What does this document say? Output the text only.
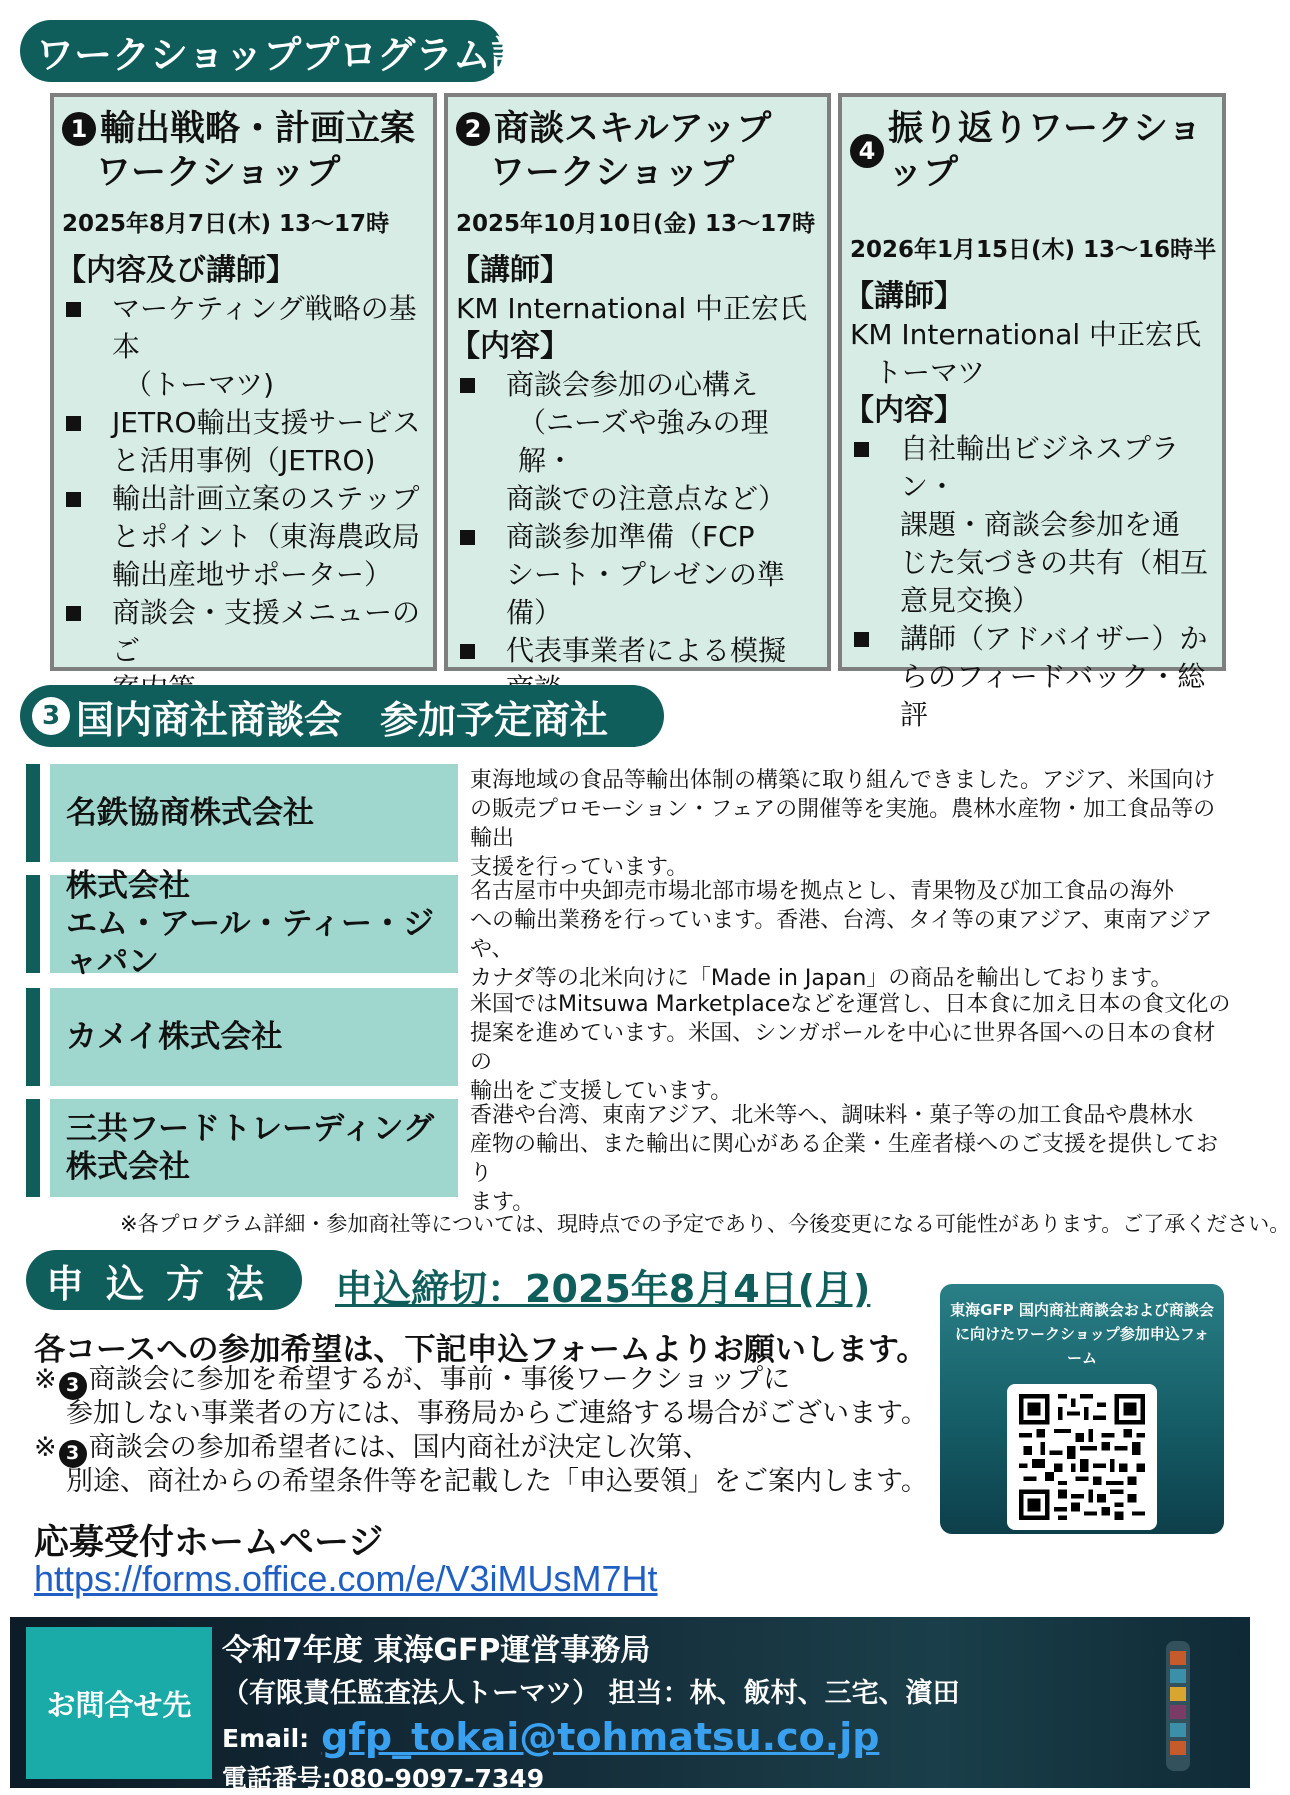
ワークショッププログラム詳細
1 輸出戦略・計画立案
ワークショップ
2025年8月7日(木) 13～17時
【内容及び講師】
マーケティング戦略の基本
（トーマツ)
JETRO輸出支援サービス
と活用事例（JETRO)
輸出計画立案のステップ
とポイント（東海農政局
輸出産地サポーター）
商談会・支援メニューのご
2 商談スキルアップ
ワークショップ
2025年10月10日(金) 13～17時
【講師】
KM International 中正宏氏
【内容】
商談会参加の心構え
（ニーズや強みの理解・
商談での注意点など）
商談参加準備（FCP
シート・プレゼンの準備）
代表事業者による模擬
4
振り返りワークショップ
2026年1月15日(木) 13～16時半
【講師】
KM International 中正宏氏
トーマツ
【内容】
自社輸出ビジネスプラン・
課題・商談会参加を通
じた気づきの共有（相互
意見交換）
講師（アドバイザー）か
らのフィードバック・総評
3 国内商社商談会　参加予定商社
名鉄協商株式会社
東海地域の食品等輸出体制の構築に取り組んできました。アジア、米国向け
の販売プロモーション・フェアの開催等を実施。農林水産物・加工食品等の輸出
支援を行っています。
株式会社
エム・アール・ティー・ジャパン
名古屋市中央卸売市場北部市場を拠点とし、青果物及び加工食品の海外
への輸出業務を行っています。香港、台湾、タイ等の東アジア、東南アジアや、
カナダ等の北米向けに「Made in Japan」の商品を輸出しております。
カメイ株式会社
米国ではMitsuwa Marketplaceなどを運営し、日本食に加え日本の食文化の
提案を進めています。米国、シンガポールを中心に世界各国への日本の食材の
輸出をご支援しています。
三共フードトレーディング
株式会社
香港や台湾、東南アジア、北米等へ、調味料・菓子等の加工食品や農林水
産物の輸出、また輸出に関心がある企業・生産者様へのご支援を提供しており
ます。
※各プログラム詳細・参加商社等については、現時点での予定であり、今後変更になる可能性があります。ご了承ください。
申込方法 申込締切：2025年8月4日(月)
各コースへの参加希望は、下記申込フォームよりお願いします。
※ 3 商談会に参加を希望するが、事前・事後ワークショップに
参加しない事業者の方には、事務局からご連絡する場合がございます。
※ 3 商談会の参加希望者には、国内商社が決定し次第、
別途、商社からの希望条件等を記載した「申込要領」をご案内します。
応募受付ホームページ
https://forms.office.com/e/V3iMUsM7Ht
東海GFP 国内商社商談会および商談会に向けたワークショップ参加申込フォーム
お問合せ先
令和7年度 東海GFP運営事務局
（有限責任監査法人トーマツ） 担当：林、飯村、三宅、濱田
Email: gfp_tokai@tohmatsu.co.jp
電話番号:080-9097-7349
